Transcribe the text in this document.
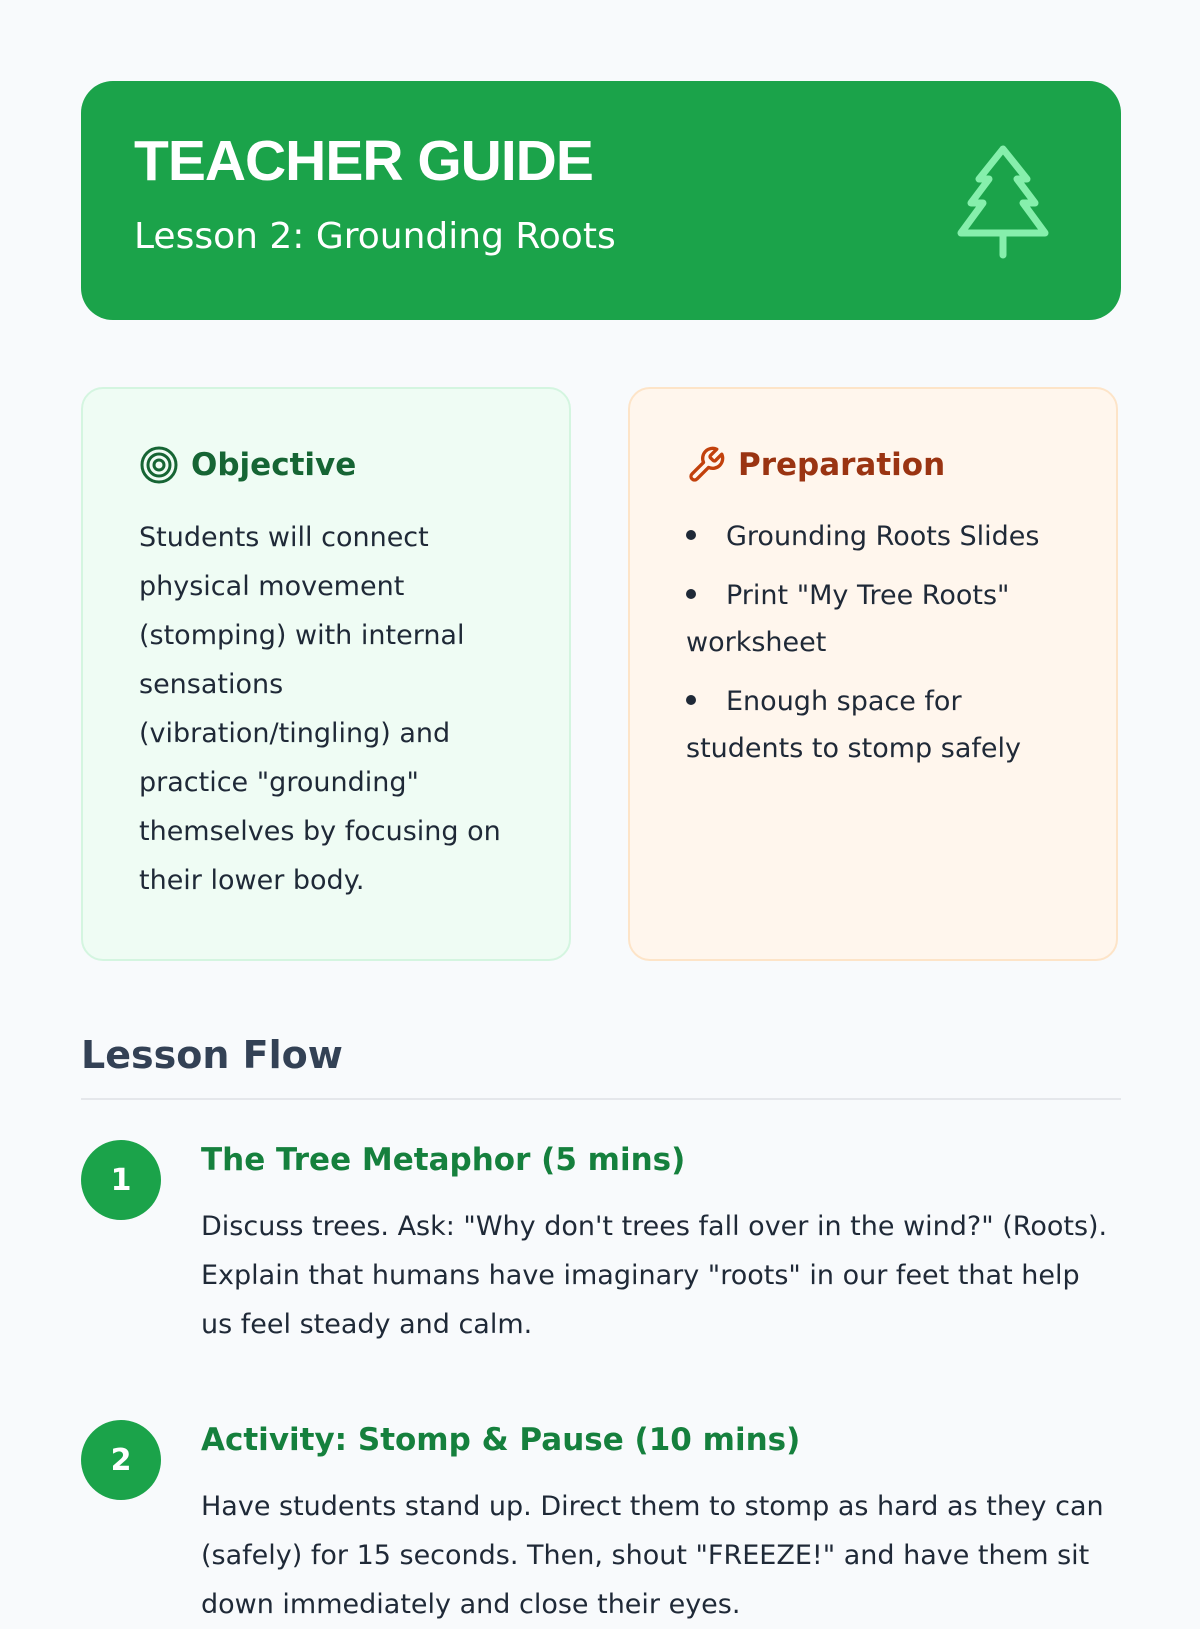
TEACHER GUIDE

Lesson 2: Grounding Roots

Objective

Students will connect physical movement (stomping) with internal sensations (vibration/tingling) and practice "grounding" themselves by focusing on their lower body.

Preparation
Grounding Roots Slides
Print "My Tree Roots" worksheet
Enough space for students to stomp safely
Lesson Flow
1
The Tree Metaphor (5 mins)

Discuss trees. Ask: "Why don't trees fall over in the wind?" (Roots). Explain that humans have imaginary "roots" in our feet that help us feel steady and calm.

2
Activity: Stomp & Pause (10 mins)

Have students stand up. Direct them to stomp as hard as they can (safely) for 15 seconds. Then, shout "FREEZE!" and have them sit down immediately and close their eyes.
